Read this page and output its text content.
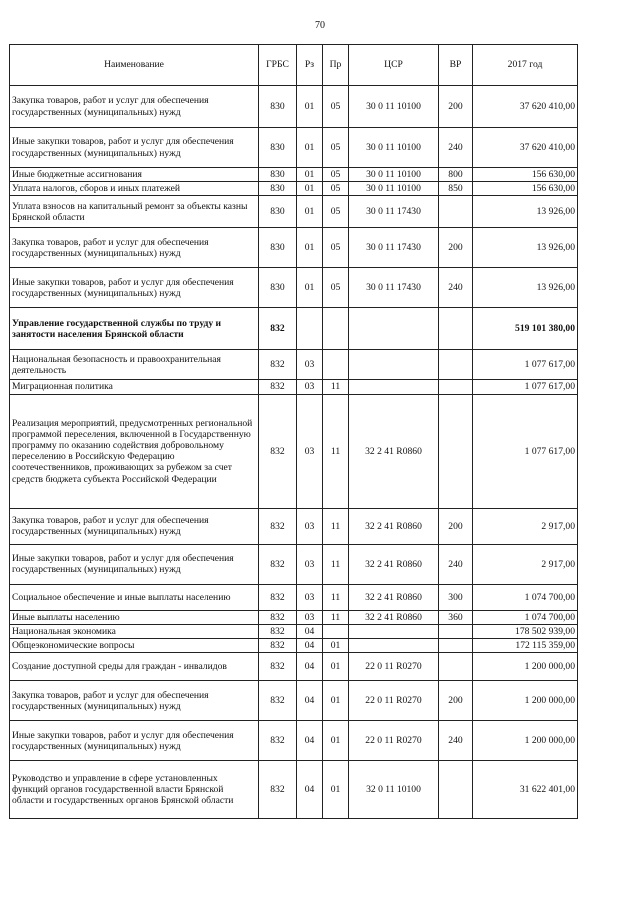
70
Наименование	ГРБС	Рз	Пр	ЦСР	ВР	2017 год
Закупка товаров, работ и услуг для обеспечения государственных (муниципальных) нужд	830	01	05	30 0 11 10100	200	37 620 410,00
Иные закупки товаров, работ и услуг для обеспечения государственных (муниципальных) нужд	830	01	05	30 0 11 10100	240	37 620 410,00
Иные бюджетные ассигнования	830	01	05	30 0 11 10100	800	156 630,00
Уплата налогов, сборов и иных платежей	830	01	05	30 0 11 10100	850	156 630,00
Уплата взносов на капитальный ремонт за объекты казны Брянской области	830	01	05	30 0 11 17430		13 926,00
Закупка товаров, работ и услуг для обеспечения государственных (муниципальных) нужд	830	01	05	30 0 11 17430	200	13 926,00
Иные закупки товаров, работ и услуг для обеспечения государственных (муниципальных) нужд	830	01	05	30 0 11 17430	240	13 926,00
Управление государственной службы по труду и занятости населения Брянской области	832					519 101 380,00
Национальная безопасность и правоохранительная деятельность	832	03				1 077 617,00
Миграционная политика	832	03	11			1 077 617,00
Реализация мероприятий, предусмотренных региональной программой переселения, включенной в Государственную программу по оказанию содействия добровольному переселению в Российскую Федерацию соотечественников, проживающих за рубежом за счет средств бюджета субъекта Российской Федерации	832	03	11	32 2 41 R0860		1 077 617,00
Закупка товаров, работ и услуг для обеспечения государственных (муниципальных) нужд	832	03	11	32 2 41 R0860	200	2 917,00
Иные закупки товаров, работ и услуг для обеспечения государственных (муниципальных) нужд	832	03	11	32 2 41 R0860	240	2 917,00
Социальное обеспечение и иные выплаты населению	832	03	11	32 2 41 R0860	300	1 074 700,00
Иные выплаты населению	832	03	11	32 2 41 R0860	360	1 074 700,00
Национальная экономика	832	04				178 502 939,00
Общеэкономические вопросы	832	04	01			172 115 359,00
Создание доступной среды для граждан - инвалидов	832	04	01	22 0 11 R0270		1 200 000,00
Закупка товаров, работ и услуг для обеспечения государственных (муниципальных) нужд	832	04	01	22 0 11 R0270	200	1 200 000,00
Иные закупки товаров, работ и услуг для обеспечения государственных (муниципальных) нужд	832	04	01	22 0 11 R0270	240	1 200 000,00
Руководство и управление в сфере установленных функций органов государственной власти Брянской области и государственных органов Брянской области	832	04	01	32 0 11 10100		31 622 401,00
